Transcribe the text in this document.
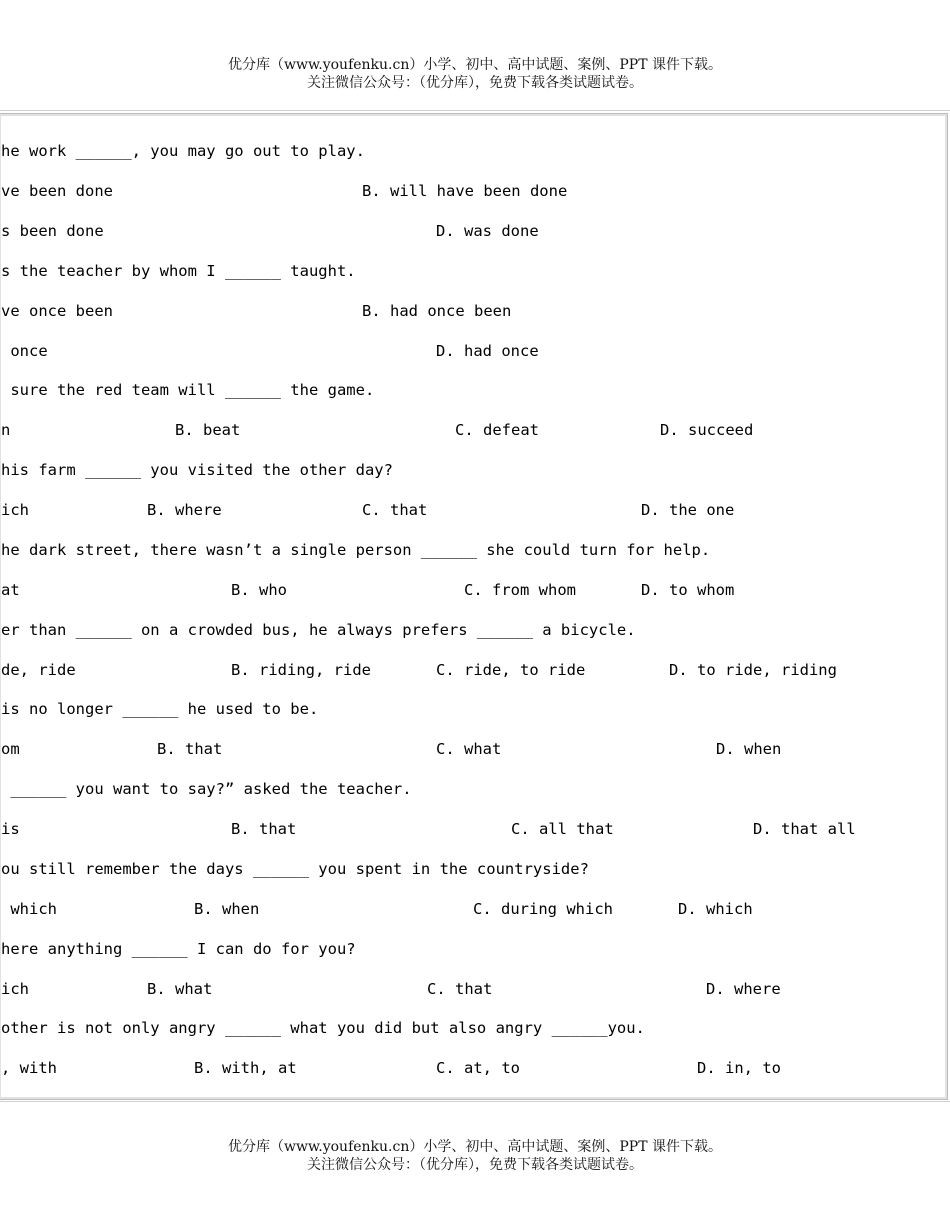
优分库（www.youfenku.cn）小学、初中、高中试题、案例、PPT 课件下载。
关注微信公众号：（优分库），免费下载各类试题试卷。
he work ______, you may go out to play.
ve been done	B. will have been done
s been done	D. was done
s the teacher by whom I ______ taught.
ve once been	B. had once been
once	D. had once
sure the red team will ______ the game.
n	B. beat	C. defeat	D. succeed
his farm ______ you visited the other day?
ich	B. where	C. that	D. the one
he dark street, there wasn’t a single person ______ she could turn for help.
at	B. who	C. from whom	D. to whom
er than ______ on a crowded bus, he always prefers ______ a bicycle.
de, ride	B. riding, ride	C. ride, to ride	D. to ride, riding
is no longer ______ he used to be.
om	B. that	C. what	D. when
______ you want to say?” asked the teacher.
is	B. that	C. all that	D. that all
ou still remember the days ______ you spent in the countryside?
which	B. when	C. during which	D. which
here anything ______ I can do for you?
ich	B. what	C. that	D. where
other is not only angry ______ what you did but also angry ______you.
, with	B. with, at	C. at, to	D. in, to
优分库（www.youfenku.cn）小学、初中、高中试题、案例、PPT 课件下载。
关注微信公众号：（优分库），免费下载各类试题试卷。
